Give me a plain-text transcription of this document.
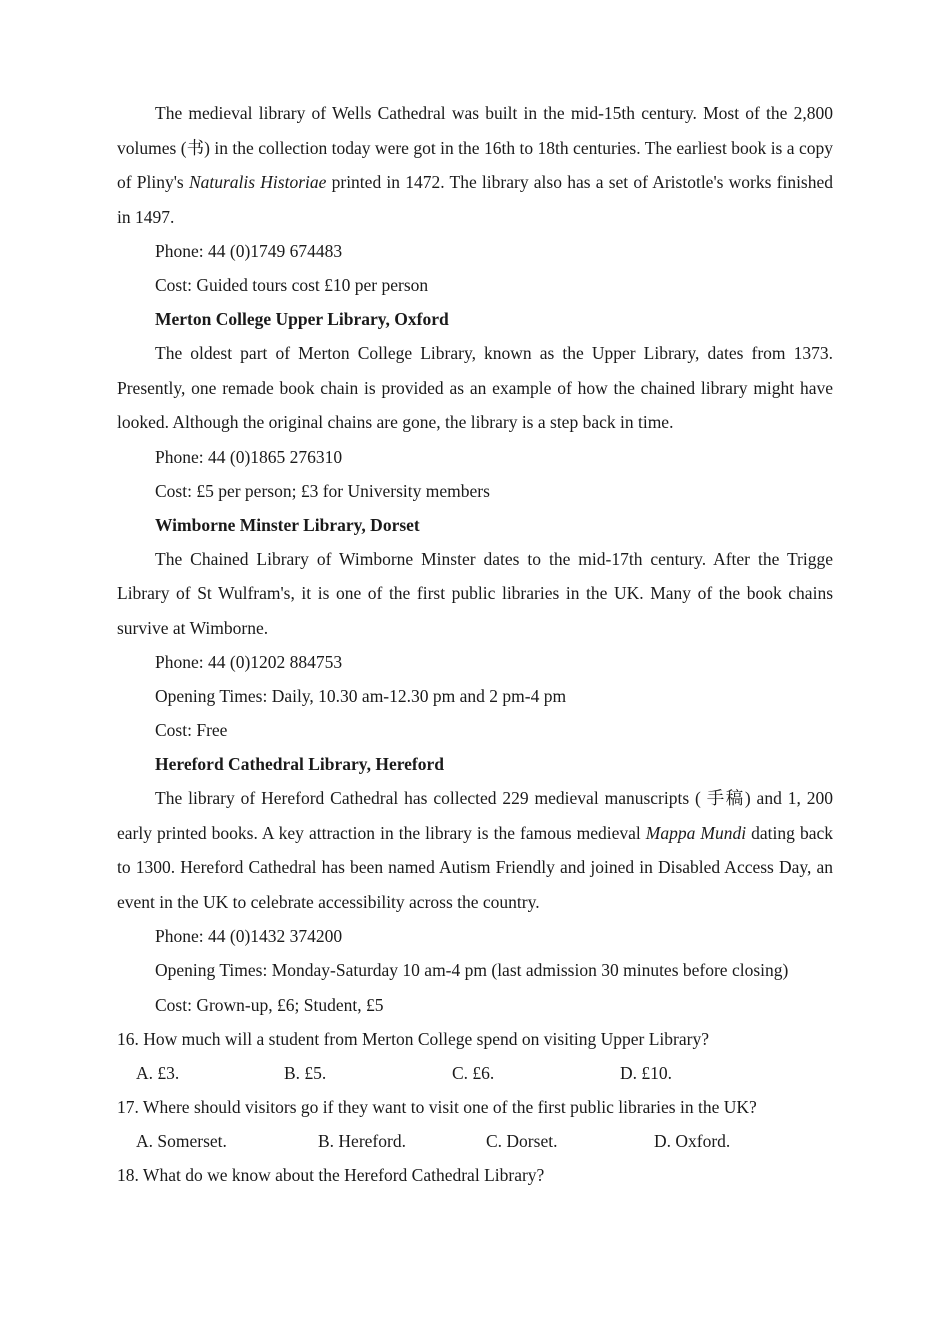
The medieval library of Wells Cathedral was built in the mid-15th century. Most of the 2,800 volumes (书) in the collection today were got in the 16th to 18th centuries. The earliest book is a copy of Pliny's Naturalis Historiae printed in 1472. The library also has a set of Aristotle's works finished in 1497.

Phone: 44 (0)1749 674483

Cost: Guided tours cost £10 per person

Merton College Upper Library, Oxford

The oldest part of Merton College Library, known as the Upper Library, dates from 1373. Presently, one remade book chain is provided as an example of how the chained library might have looked. Although the original chains are gone, the library is a step back in time.

Phone: 44 (0)1865 276310

Cost: £5 per person; £3 for University members

Wimborne Minster Library, Dorset

The Chained Library of Wimborne Minster dates to the mid-17th century. After the Trigge Library of St Wulfram's, it is one of the first public libraries in the UK. Many of the book chains survive at Wimborne.

Phone: 44 (0)1202 884753

Opening Times: Daily, 10.30 am-12.30 pm and 2 pm-4 pm

Cost: Free

Hereford Cathedral Library, Hereford

The library of Hereford Cathedral has collected 229 medieval manuscripts ( 手稿) and 1, 200 early printed books. A key attraction in the library is the famous medieval Mappa Mundi dating back to 1300. Hereford Cathedral has been named Autism Friendly and joined in Disabled Access Day, an event in the UK to celebrate accessibility across the country.

Phone: 44 (0)1432 374200

Opening Times: Monday-Saturday 10 am-4 pm (last admission 30 minutes before closing)

Cost: Grown-up, £6; Student, £5

16. How much will a student from Merton College spend on visiting Upper Library?

A. £3.	B. £5.	C. £6.	D. £10.

17. Where should visitors go if they want to visit one of the first public libraries in the UK?

A. Somerset.	B. Hereford.	C. Dorset.	D. Oxford.

18. What do we know about the Hereford Cathedral Library?
